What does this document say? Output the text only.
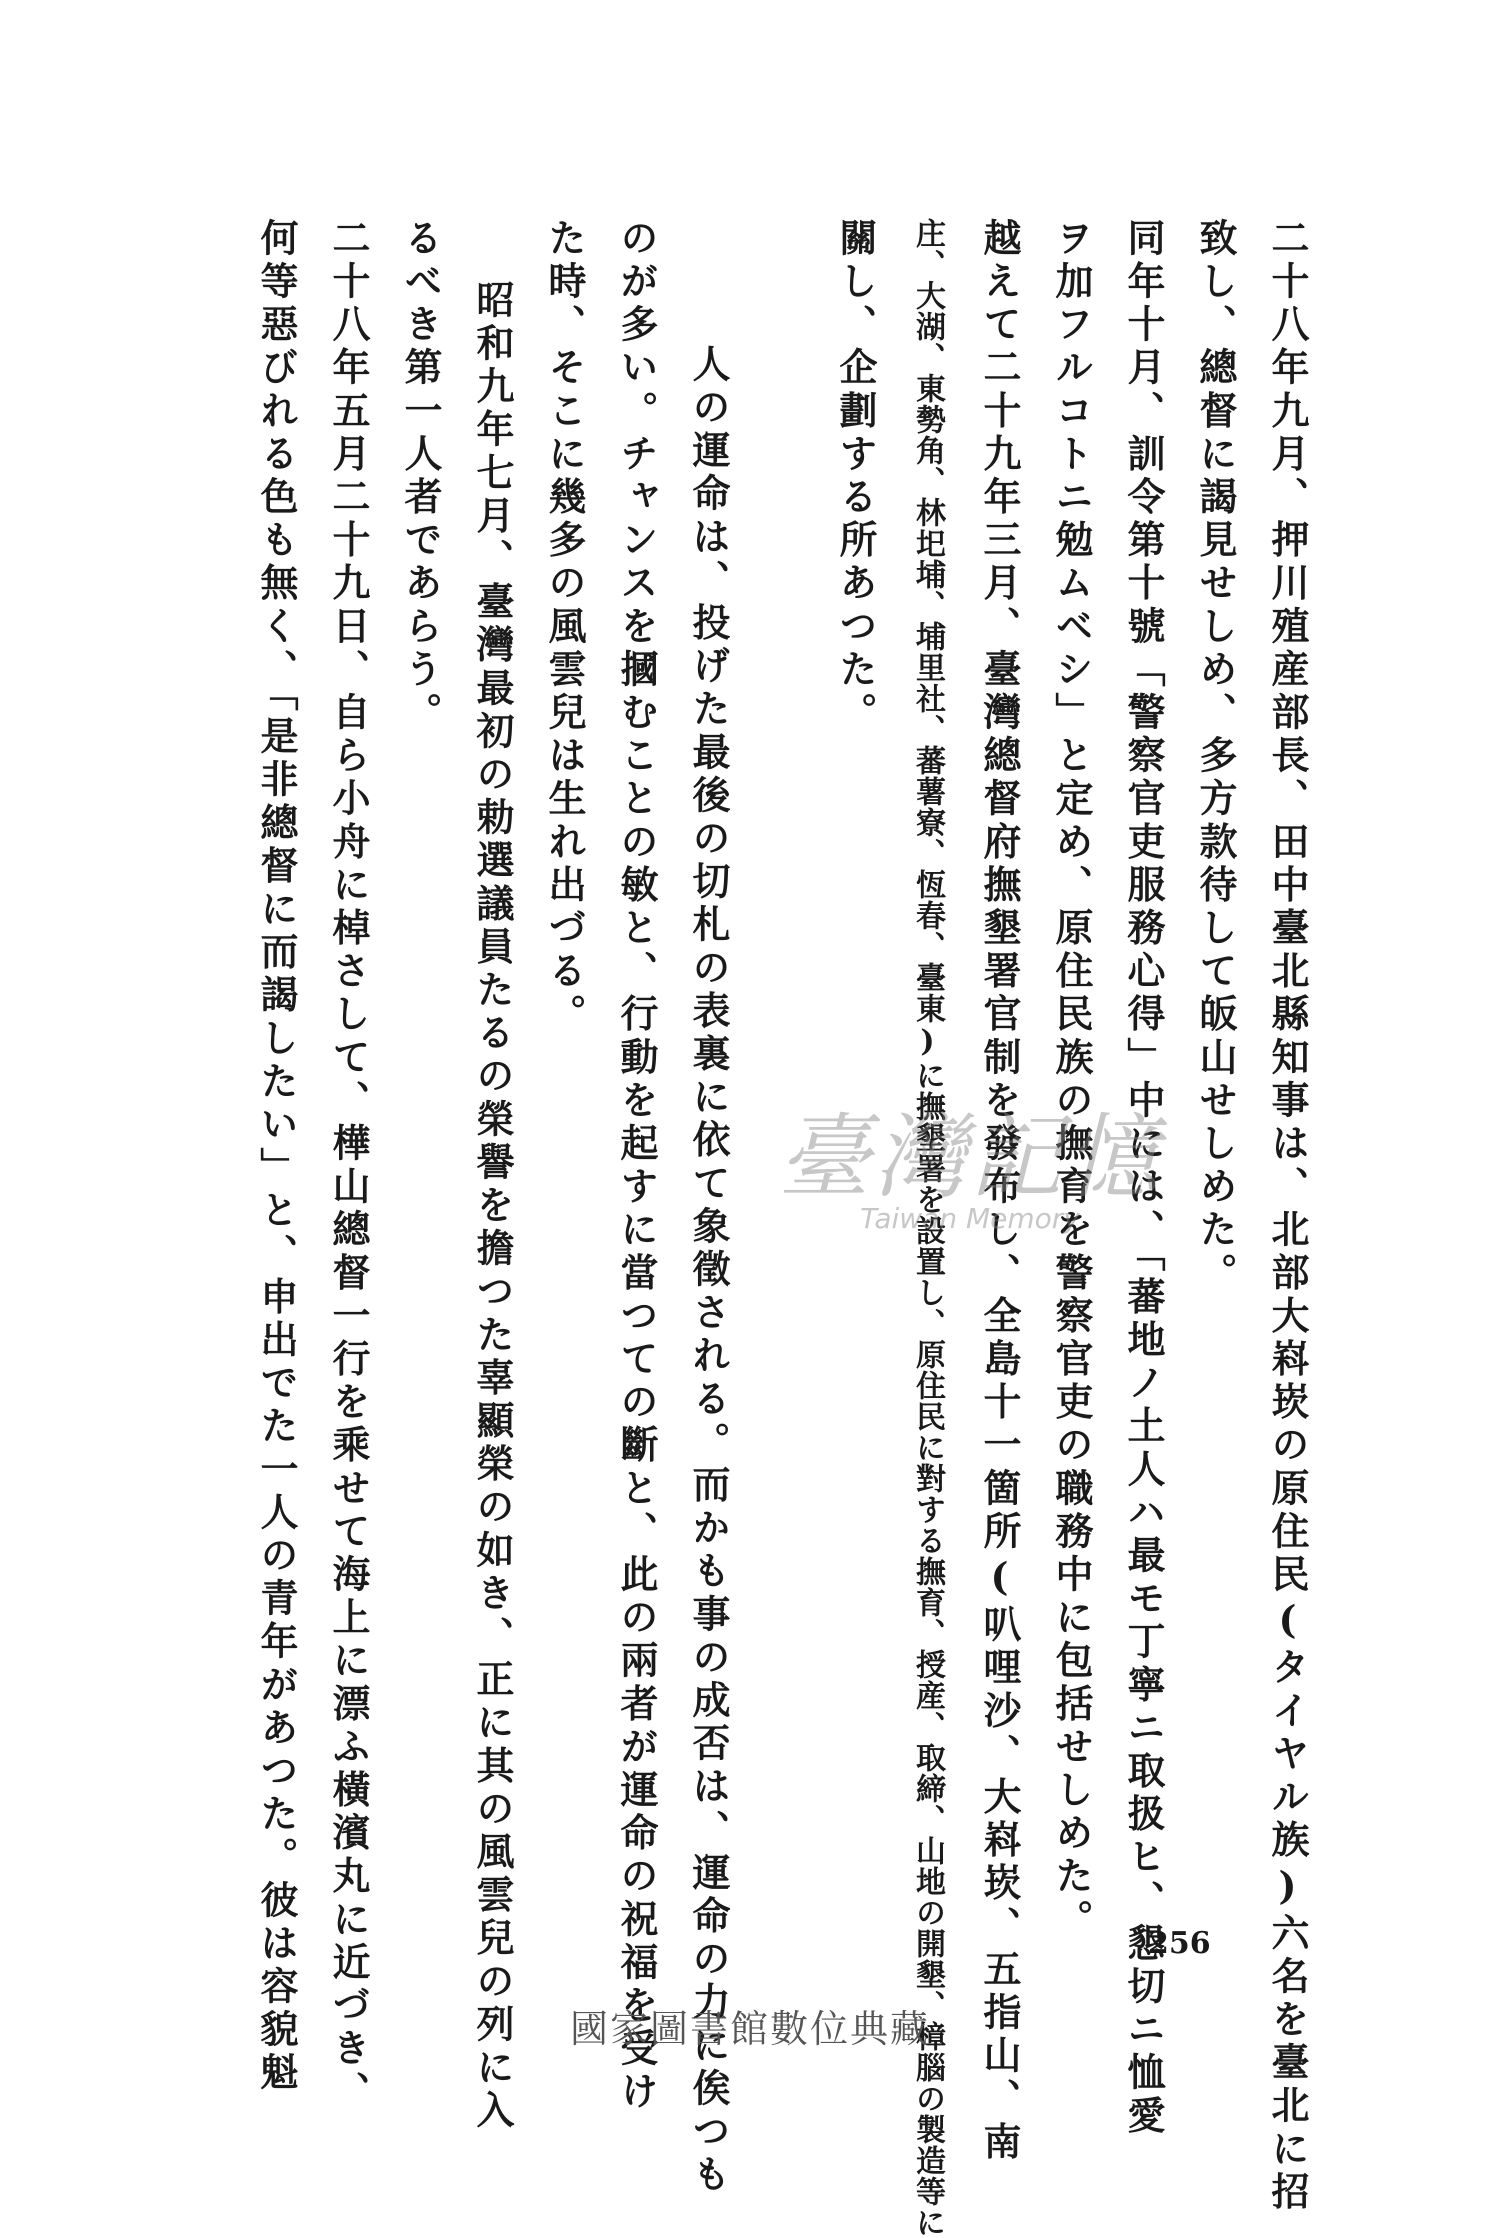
二十八年九月、押川殖産部長、田中臺北縣知事は、北部大嵙崁の原住民(タイヤル族)六名を臺北に招
致し、總督に謁見せしめ、多方款待して皈山せしめた。
同年十月、訓令第十號「警察官吏服務心得」中には、「蕃地ノ土人ハ最モ丁寧ニ取扱ヒ、懇切ニ恤愛
ヲ加フルコトニ勉ムベシ」と定め、原住民族の撫育を警察官吏の職務中に包括せしめた。
越えて二十九年三月、臺灣總督府撫墾署官制を發布し、全島十一箇所(叭哩沙、大嵙崁、五指山、南
庄、大湖、東勢角、林圯埔、埔里社、蕃薯寮、恆春、臺東)に撫墾署を設置し、原住民に對する撫育、授産、取締、山地の開墾、樟腦の製造等に
關し、企劃する所あつた。
人の運命は、投げた最後の切札の表裏に依て象徵される。而かも事の成否は、運命の力に俟つも
のが多い。チャンスを摑むことの敏と、行動を起すに當つての斷と、此の兩者が運命の祝福を受け
た時、そこに幾多の風雲兒は生れ出づる。
昭和九年七月、臺灣最初の勅選議員たるの榮譽を擔つた辜顯榮の如き、正に其の風雲兒の列に入
るべき第一人者であらう。
二十八年五月二十九日、自ら小舟に棹さして、樺山總督一行を乘せて海上に漂ふ橫濱丸に近づき、
何等惡びれる色も無く、「是非總督に而謁したい」と、申出でた一人の青年があつた。彼は容貌魁	臺灣記憶
Taiwan Memory
256
國家圖書館數位典藏
